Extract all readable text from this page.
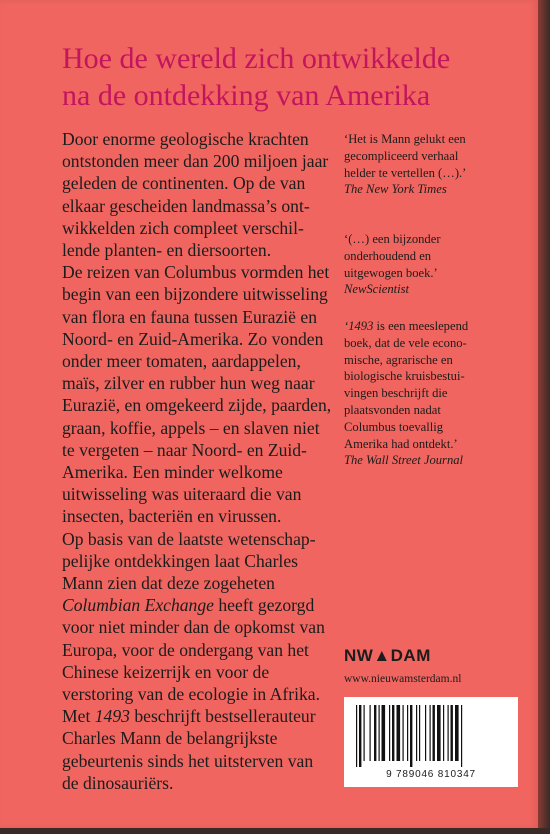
Hoe de wereld zich ontwikkelde
na de ontdekking van Amerika
Door enorme geologische krachten
ontstonden meer dan 200 miljoen jaar
geleden de continenten. Op de van
elkaar gescheiden landmassa’s ont-
wikkelden zich compleet verschil-
lende planten- en diersoorten.
De reizen van Columbus vormden het
begin van een bijzondere uitwisseling
van flora en fauna tussen Eurazië en
Noord- en Zuid-Amerika. Zo vonden
onder meer tomaten, aardappelen,
maïs, zilver en rubber hun weg naar
Eurazië, en omgekeerd zijde, paarden,
graan, koffie, appels – en slaven niet
te vergeten – naar Noord- en Zuid-
Amerika. Een minder welkome
uitwisseling was uiteraard die van
insecten, bacteriën en virussen.
Op basis van de laatste wetenschap-
pelijke ontdekkingen laat Charles
Mann zien dat deze zogeheten
Columbian Exchange heeft gezorgd
voor niet minder dan de opkomst van
Europa, voor de ondergang van het
Chinese keizerrijk en voor de
verstoring van de ecologie in Afrika.
Met 1493 beschrijft bestsellerauteur
Charles Mann de belangrijkste
gebeurtenis sinds het uitsterven van
de dinosauriërs.
‘Het is Mann gelukt een
gecompliceerd verhaal
helder te vertellen (…).’
The New York Times
‘(…) een bijzonder
onderhoudend en
uitgewogen boek.’
NewScientist
‘1493 is een meeslepend
boek, dat de vele econo-
mische, agrarische en
biologische kruisbestui-
vingen beschrijft die
plaatsvonden nadat
Columbus toevallig
Amerika had ontdekt.’
The Wall Street Journal
NW▲DAM
www.nieuwamsterdam.nl
9 789046 810347
